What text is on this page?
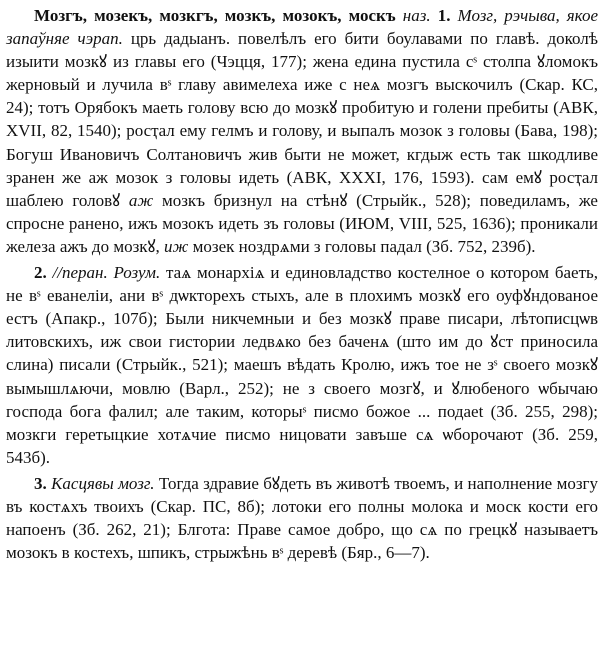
Мозгъ, мозекъ, мозкгъ, мозкъ, мозокъ, москъ наз. 1. Мозг, рэчыва, якое запаўняе чэрап. црь дадыанъ. повелѣлъ его бити боулавами по главѣ. доколѣ изыити мозкꙋ из главы его (Чэцця, 177); жена едина пустила сˢ столпа ꙋломокъ жерновый и лучила вˢ главу авимелеха иже с неѧ мозгъ выскочилъ (Скар. КС, 24); тотъ Орябокъ маеть голову всю до мозкꙋ пробитую и голени пребиты (АВК, XVII, 82, 1540); росҭал ему гелмъ и голову, и выпалъ мозок з головы (Бава, 198); Богуш Ивановичъ Солтановичъ жив быти не может, кгдыж есть так шкодливе зранен же аж мозок з головы идеть (АВК, XXXI, 176, 1593). сам емꙋ росҭал шаблею головꙋ аж мозкъ бризнул на стѣнꙋ (Стрыйк., 528); поведиламъ, же спросне ранено, ижъ мозокъ идеть зъ головы (ИЮМ, VIII, 525, 1636); проникали железа ажъ до мозкꙋ, иж мозек ноздрѧми з головы падал (Зб. 752, 239б).

2. //перан. Розум. таѧ монархіѧ и единовладство костелное о котором баеть, не вˢ еванеліи, ани вˢ дѡкторехъ стыхъ, але в плохимъ мозкꙋ его оуфꙋндованое естъ (Апакр., 107б); Были никчемныи и без мозкꙋ праве писари, лѣтописцѡв литовскихъ, иж свои гистории ледвѧко без баченѧ (што им до ꙋст приносила слина) писали (Стрыйк., 521); маешъ вѣдать Кролю, ижъ тое не зˢ своего мозкꙋ вымышлѧючи, мовлю (Варл., 252); не з своего мозгꙋ, и ꙋлюбеного ѡбычаю господа бога фалил; але таким, которыˢ писмо божое ... подаеt (Зб. 255, 298); мозкги геретыцкие хотѧчие писмо ницовати завъше сѧ ѡборочают (Зб. 259, 543б).

3. Касцявы мозг. Тогда здравие бꙋдеть въ животѣ твоемъ, и наполнение мозгу въ костѧхъ твоихъ (Скар. ПС, 8б); лотоки его полны молока и моск кости его напоенъ (Зб. 262, 21); Блгота: Праве самое добро, що сѧ по грецкꙋ называетъ мозокъ в костехъ, шпикъ, стрыжѣнь вˢ деревѣ (Бяр., 6—7).
